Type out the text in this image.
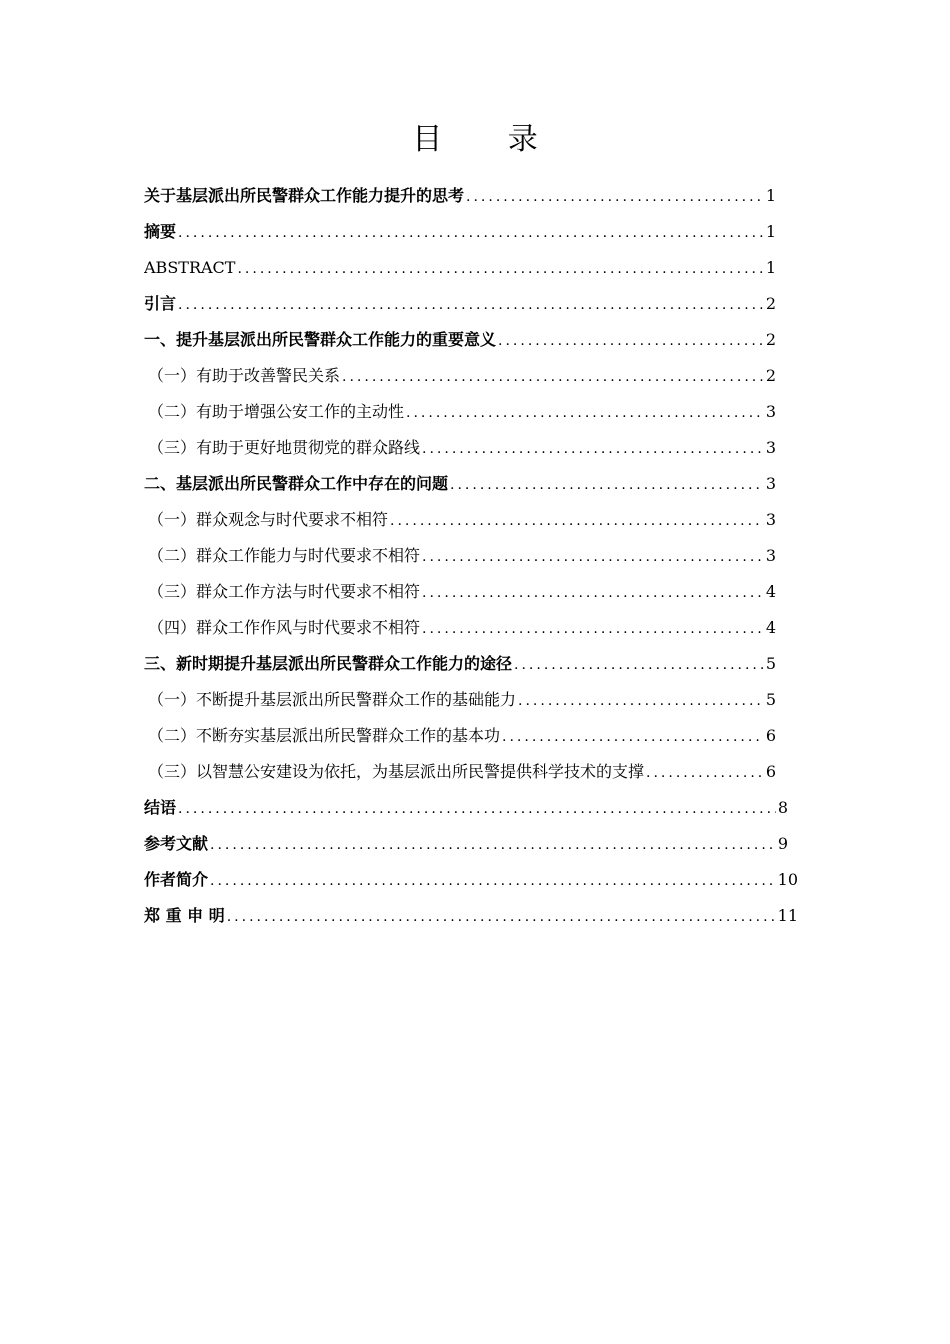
目 录
关于基层派出所民警群众工作能力提升的思考 .....	1
摘要 .....	1
ABSTRACT .....	1
引言 .....	2
一、提升基层派出所民警群众工作能力的重要意义 .....	2
（一）有助于改善警民关系 .....	2
（二）有助于增强公安工作的主动性 .....	3
（三）有助于更好地贯彻党的群众路线 .....	3
二、基层派出所民警群众工作中存在的问题 .....	3
（一）群众观念与时代要求不相符 .....	3
（二）群众工作能力与时代要求不相符 .....	3
（三）群众工作方法与时代要求不相符 .....	4
（四）群众工作作风与时代要求不相符 .....	4
三、新时期提升基层派出所民警群众工作能力的途径 .....	5
（一）不断提升基层派出所民警群众工作的基础能力 .....	5
（二）不断夯实基层派出所民警群众工作的基本功 .....	6
（三）以智慧公安建设为依托，为基层派出所民警提供科学技术的支撑 .....	6
结语 .....	8
参考文献 .....	9
作者简介 .....	10
郑 重 申 明 .....	11
